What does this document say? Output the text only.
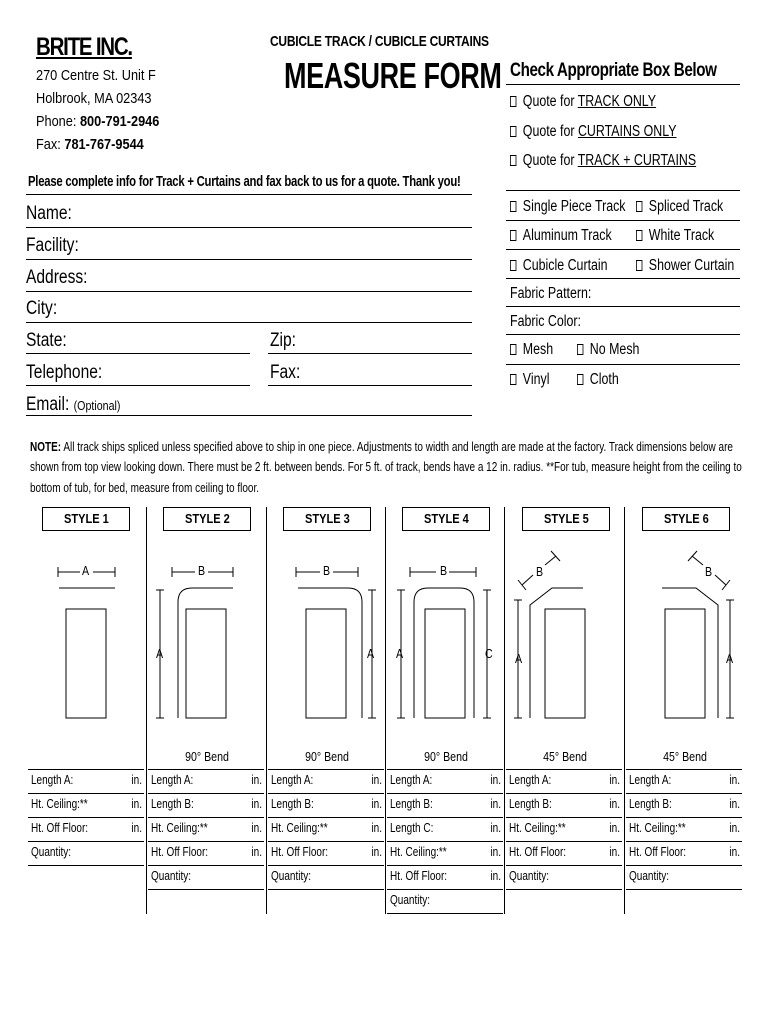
BRITE INC.
270 Centre St. Unit F
Holbrook, MA 02343
Phone: 800-791-2946
Fax: 781-767-9544
CUBICLE TRACK / CUBICLE CURTAINS
MEASURE FORM
Please complete info for Track + Curtains and fax back to us for a quote. Thank you!
Name:
Facility:
Address:
City:
State:	Zip:
Telephone:	Fax:
Email: (Optional)
Check Appropriate Box Below
Quote for TRACK ONLY
Quote for CURTAINS ONLY
Quote for TRACK + CURTAINS
Single Piece Track	Spliced Track
Aluminum Track	White Track
Cubicle Curtain	Shower Curtain
Fabric Pattern:
Fabric Color:
Mesh	No Mesh
Vinyl	Cloth
NOTE: All track ships spliced unless specified above to ship in one piece. Adjustments to width and length are made at the factory. Track dimensions below are
shown from top view looking down. There must be 2 ft. between bends. For 5 ft. of track, bends have a 12 in. radius. **For tub, measure height from the ceiling to
bottom of tub, for bed, measure from ceiling to floor.
STYLE 1
Length A:	in.
Ht. Ceiling:**	in.
Ht. Off Floor:	in.
Quantity:
STYLE 2
90° Bend
Length A:	in.
Length B:	in.
Ht. Ceiling:**	in.
Ht. Off Floor:	in.
Quantity:
STYLE 3
90° Bend
Length A:	in.
Length B:	in.
Ht. Ceiling:**	in.
Ht. Off Floor:	in.
Quantity:
STYLE 4
90° Bend
Length A:	in.
Length B:	in.
Length C:	in.
Ht. Ceiling:**	in.
Ht. Off Floor:	in.
Quantity:
STYLE 5
45° Bend
Length A:	in.
Length B:	in.
Ht. Ceiling:**	in.
Ht. Off Floor:	in.
Quantity:
STYLE 6
45° Bend
Length A:	in.
Length B:	in.
Ht. Ceiling:**	in.
Ht. Off Floor:	in.
Quantity:
A	B
A
B
A
B
A	C
B
A
B
A
